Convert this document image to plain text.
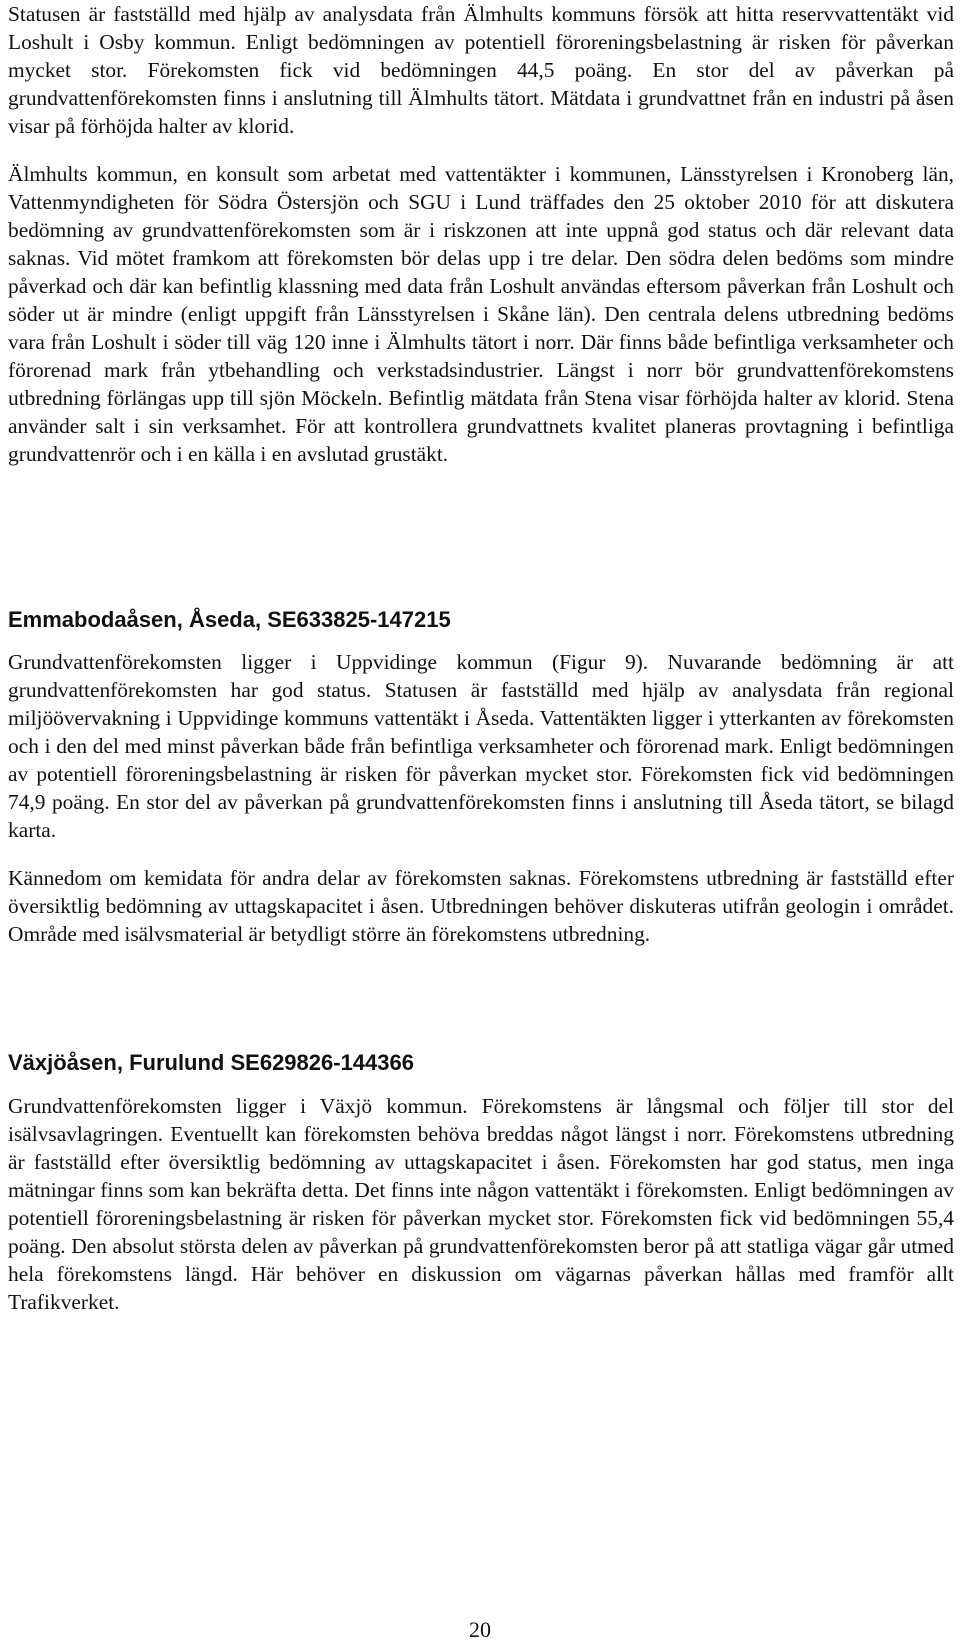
Statusen är fastställd med hjälp av analysdata från Älmhults kommuns försök att hitta reservvattentäkt vid Loshult i Osby kommun. Enligt bedömningen av potentiell föroreningsbelastning är risken för påverkan mycket stor. Förekomsten fick vid bedömningen 44,5 poäng. En stor del av påverkan på grundvattenförekomsten finns i anslutning till Älmhults tätort. Mätdata i grundvattnet från en industri på åsen visar på förhöjda halter av klorid.

Älmhults kommun, en konsult som arbetat med vattentäkter i kommunen, Länsstyrelsen i Kronoberg län, Vattenmyndigheten för Södra Östersjön och SGU i Lund träffades den 25 oktober 2010 för att diskutera bedömning av grundvattenförekomsten som är i riskzonen att inte uppnå god status och där relevant data saknas. Vid mötet framkom att förekomsten bör delas upp i tre delar. Den södra delen bedöms som mindre påverkad och där kan befintlig klassning med data från Loshult användas eftersom påverkan från Loshult och söder ut är mindre (enligt uppgift från Länsstyrelsen i Skåne län). Den centrala delens utbredning bedöms vara från Loshult i söder till väg 120 inne i Älmhults tätort i norr. Där finns både befintliga verksamheter och förorenad mark från ytbehandling och verkstadsindustrier. Längst i norr bör grundvattenförekomstens utbredning förlängas upp till sjön Möckeln. Befintlig mätdata från Stena visar förhöjda halter av klorid. Stena använder salt i sin verksamhet. För att kontrollera grundvattnets kvalitet planeras provtagning i befintliga grundvattenrör och i en källa i en avslutad grustäkt.

Emmabodaåsen, Åseda, SE633825-147215

Grundvattenförekomsten ligger i Uppvidinge kommun (Figur 9). Nuvarande bedömning är att grundvattenförekomsten har god status. Statusen är fastställd med hjälp av analysdata från regional miljöövervakning i Uppvidinge kommuns vattentäkt i Åseda. Vattentäkten ligger i ytterkanten av förekomsten och i den del med minst påverkan både från befintliga verksamheter och förorenad mark. Enligt bedömningen av potentiell föroreningsbelastning är risken för påverkan mycket stor. Förekomsten fick vid bedömningen 74,9 poäng. En stor del av påverkan på grundvattenförekomsten finns i anslutning till Åseda tätort, se bilagd karta.

Kännedom om kemidata för andra delar av förekomsten saknas. Förekomstens utbredning är fastställd efter översiktlig bedömning av uttagskapacitet i åsen. Utbredningen behöver diskuteras utifrån geologin i området. Område med isälvsmaterial är betydligt större än förekomstens utbredning.

Växjöåsen, Furulund SE629826-144366

Grundvattenförekomsten ligger i Växjö kommun. Förekomstens är långsmal och följer till stor del isälvsavlagringen. Eventuellt kan förekomsten behöva breddas något längst i norr. Förekomstens utbredning är fastställd efter översiktlig bedömning av uttagskapacitet i åsen. Förekomsten har god status, men inga mätningar finns som kan bekräfta detta. Det finns inte någon vattentäkt i förekomsten. Enligt bedömningen av potentiell föroreningsbelastning är risken för påverkan mycket stor. Förekomsten fick vid bedömningen 55,4 poäng. Den absolut största delen av påverkan på grundvattenförekomsten beror på att statliga vägar går utmed hela förekomstens längd. Här behöver en diskussion om vägarnas påverkan hållas med framför allt Trafikverket.

20
